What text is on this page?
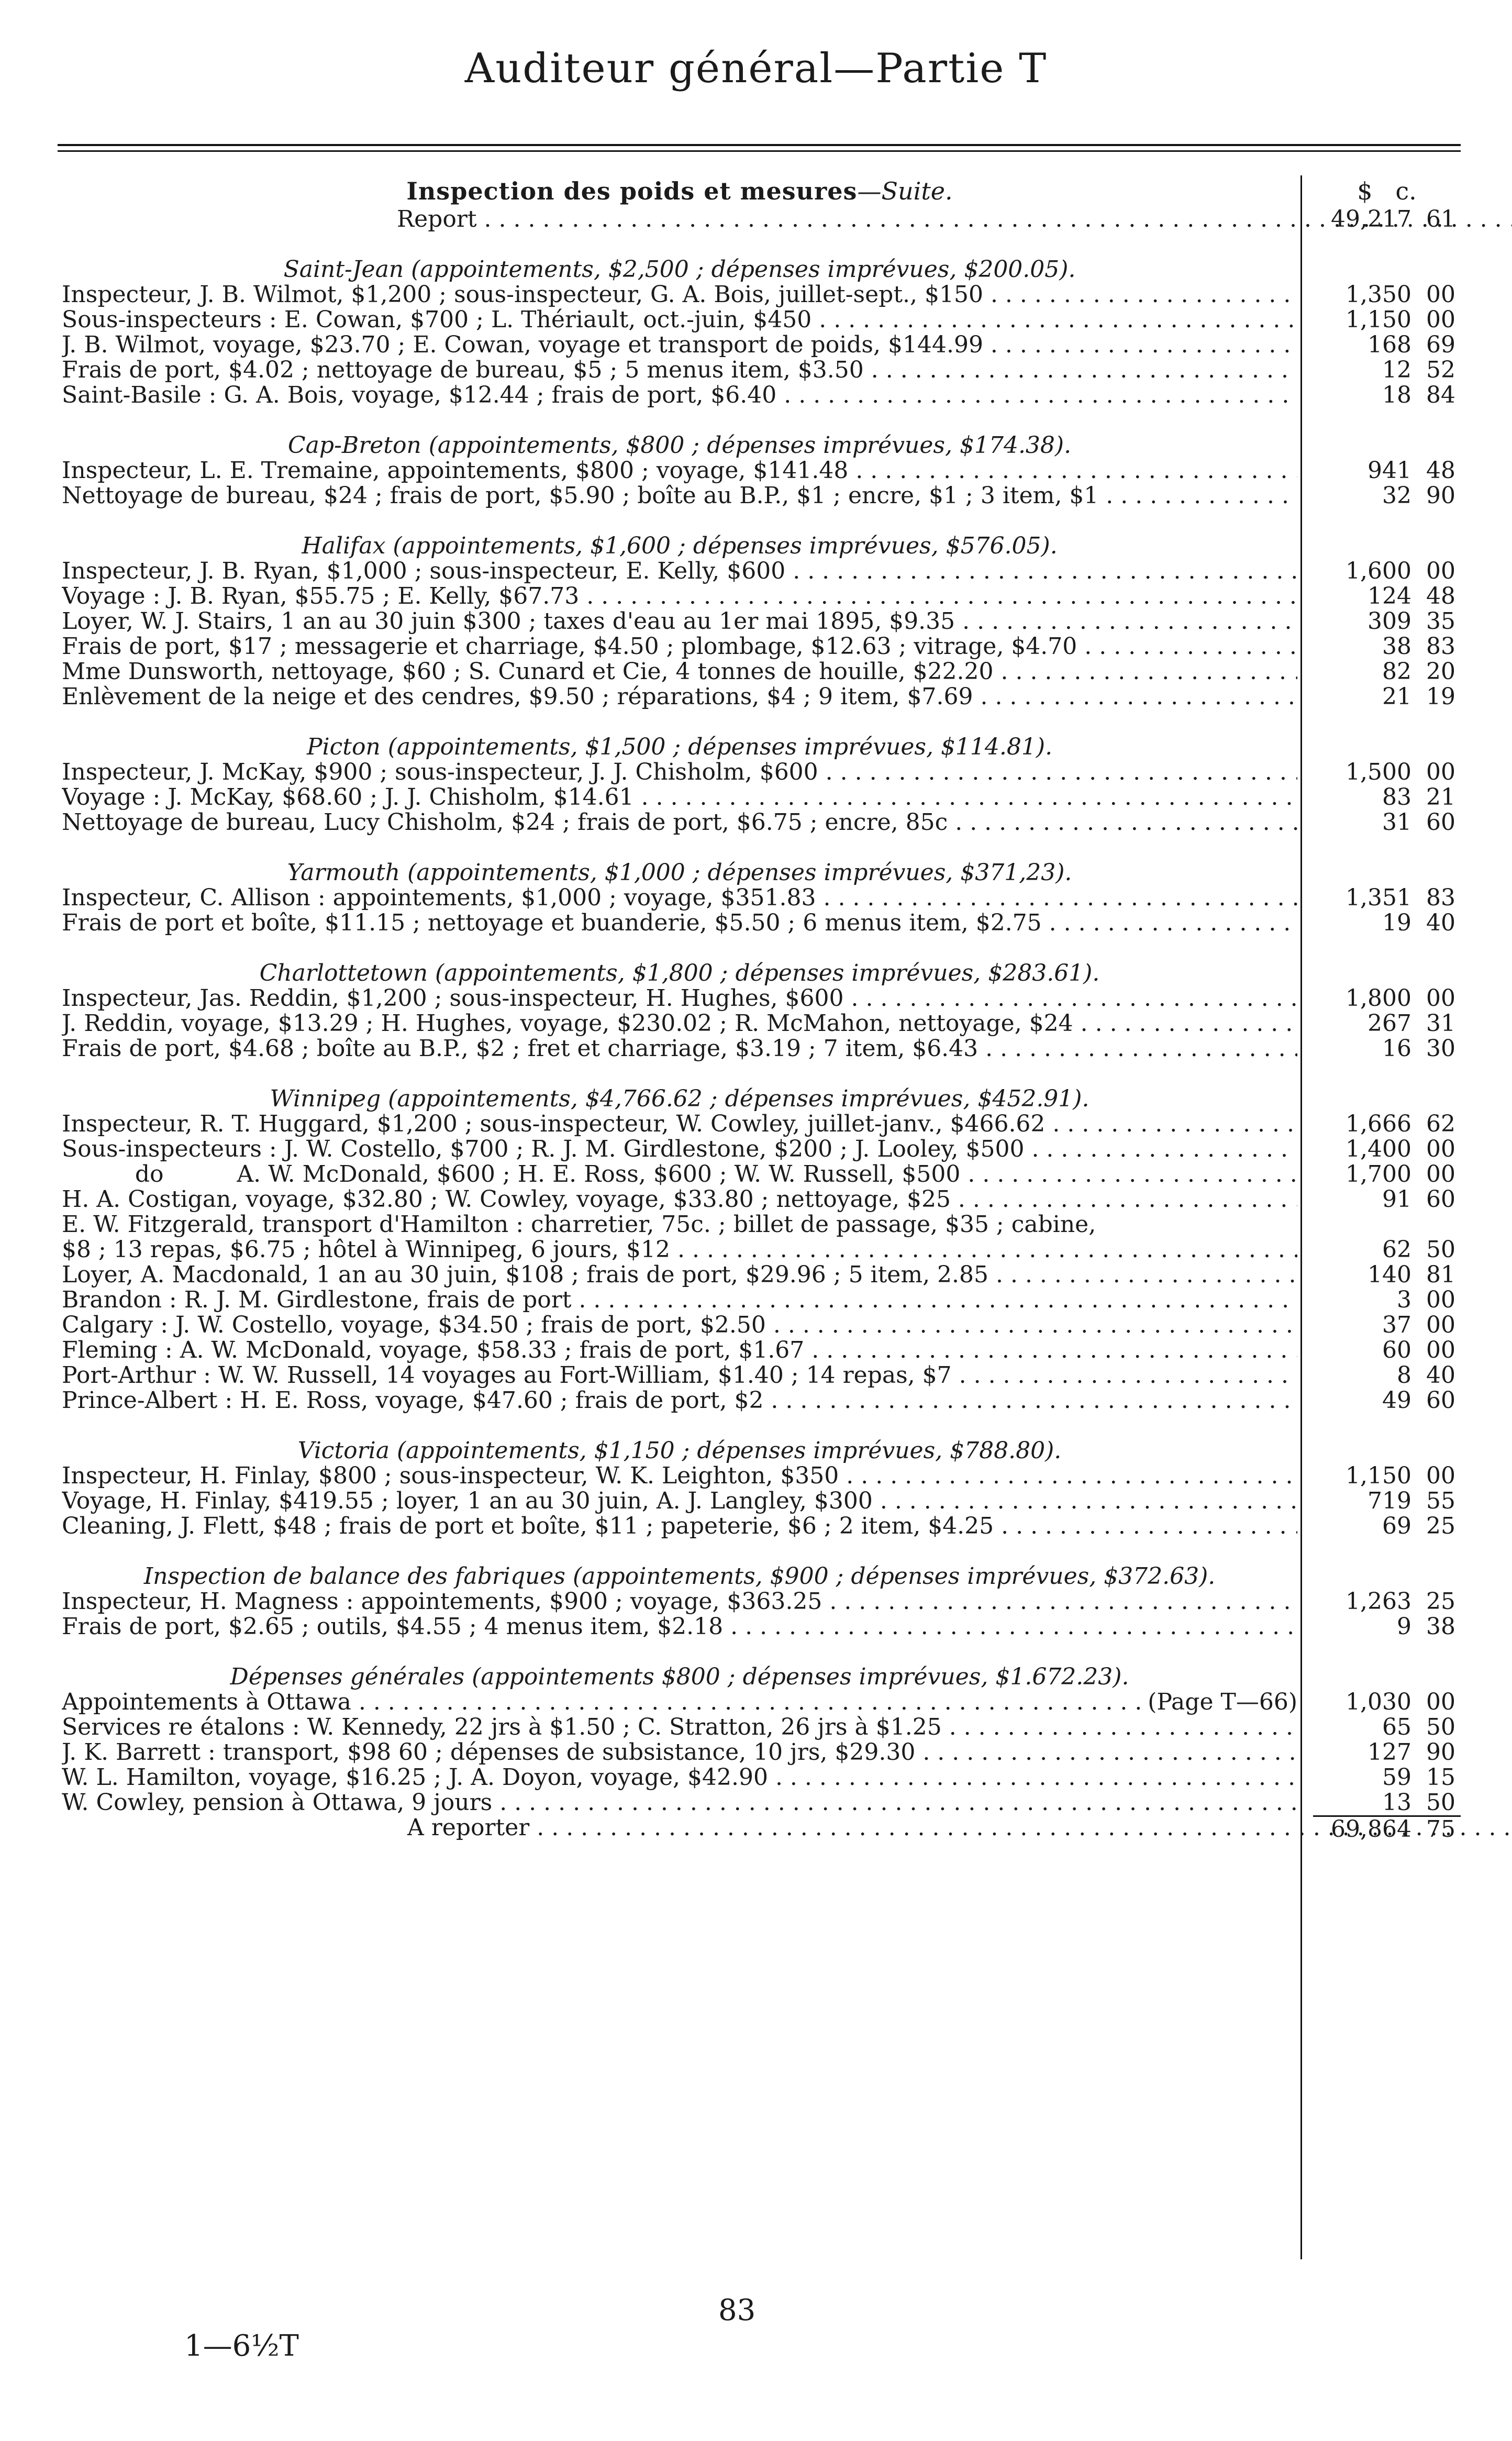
Auditeur général—Partie T
Inspection des poids et mesures—Suite.	$ c.
Report . . .	49,217 61
Saint-Jean (appointements, $2,500 ; dépenses imprévues, $200.05).
Inspecteur, J. B. Wilmot, $1,200 ; sous-inspecteur, G. A. Bois, juillet-sept., $150 . . .	1,350 00
Sous-inspecteurs : E. Cowan, $700 ; L. Thériault, oct.-juin, $450 . . .	1,150 00
J. B. Wilmot, voyage, $23.70 ; E. Cowan, voyage et transport de poids, $144.99 . . .	168 69
Frais de port, $4.02 ; nettoyage de bureau, $5 ; 5 menus item, $3.50 . . .	12 52
Saint-Basile : G. A. Bois, voyage, $12.44 ; frais de port, $6.40 . . .	18 84
Cap-Breton (appointements, $800 ; dépenses imprévues, $174.38).
Inspecteur, L. E. Tremaine, appointements, $800 ; voyage, $141.48 . . .	941 48
Nettoyage de bureau, $24 ; frais de port, $5.90 ; boîte au B.P., $1 ; encre, $1 ; 3 item, $1 . . .	32 90
Halifax (appointements, $1,600 ; dépenses imprévues, $576.05).
Inspecteur, J. B. Ryan, $1,000 ; sous-inspecteur, E. Kelly, $600 . . .	1,600 00
Voyage : J. B. Ryan, $55.75 ; E. Kelly, $67.73 . . .	124 48
Loyer, W. J. Stairs, 1 an au 30 juin $300 ; taxes d'eau au 1er mai 1895, $9.35 . . .	309 35
Frais de port, $17 ; messagerie et charriage, $4.50 ; plombage, $12.63 ; vitrage, $4.70 . . .	38 83
Mme Dunsworth, nettoyage, $60 ; S. Cunard et Cie, 4 tonnes de houille, $22.20 . . .	82 20
Enlèvement de la neige et des cendres, $9.50 ; réparations, $4 ; 9 item, $7.69 . . .	21 19
Picton (appointements, $1,500 ; dépenses imprévues, $114.81).
Inspecteur, J. McKay, $900 ; sous-inspecteur, J. J. Chisholm, $600 . . .	1,500 00
Voyage : J. McKay, $68.60 ; J. J. Chisholm, $14.61 . . .	83 21
Nettoyage de bureau, Lucy Chisholm, $24 ; frais de port, $6.75 ; encre, 85c . . .	31 60
Yarmouth (appointements, $1,000 ; dépenses imprévues, $371,23).
Inspecteur, C. Allison : appointements, $1,000 ; voyage, $351.83 . . .	1,351 83
Frais de port et boîte, $11.15 ; nettoyage et buanderie, $5.50 ; 6 menus item, $2.75 . . .	19 40
Charlottetown (appointements, $1,800 ; dépenses imprévues, $283.61).
Inspecteur, Jas. Reddin, $1,200 ; sous-inspecteur, H. Hughes, $600 . . .	1,800 00
J. Reddin, voyage, $13.29 ; H. Hughes, voyage, $230.02 ; R. McMahon, nettoyage, $24 . . .	267 31
Frais de port, $4.68 ; boîte au B.P., $2 ; fret et charriage, $3.19 ; 7 item, $6.43 . . .	16 30
Winnipeg (appointements, $4,766.62 ; dépenses imprévues, $452.91).
Inspecteur, R. T. Huggard, $1,200 ; sous-inspecteur, W. Cowley, juillet-janv., $466.62 . . .	1,666 62
Sous-inspecteurs : J. W. Costello, $700 ; R. J. M. Girdlestone, $200 ; J. Looley, $500 . . .	1,400 00
do          A. W. McDonald, $600 ; H. E. Ross, $600 ; W. W. Russell, $500 . . .	1,700 00
H. A. Costigan, voyage, $32.80 ; W. Cowley, voyage, $33.80 ; nettoyage, $25 . . .	91 60
E. W. Fitzgerald, transport d'Hamilton : charretier, 75c. ; billet de passage, $35 ; cabine,
$8 ; 13 repas, $6.75 ; hôtel à Winnipeg, 6 jours, $12 . . .	62 50
Loyer, A. Macdonald, 1 an au 30 juin, $108 ; frais de port, $29.96 ; 5 item, 2.85 . . .	140 81
Brandon : R. J. M. Girdlestone, frais de port . . .	3 00
Calgary : J. W. Costello, voyage, $34.50 ; frais de port, $2.50 . . .	37 00
Fleming : A. W. McDonald, voyage, $58.33 ; frais de port, $1.67 . . .	60 00
Port-Arthur : W. W. Russell, 14 voyages au Fort-William, $1.40 ; 14 repas, $7 . . .	8 40
Prince-Albert : H. E. Ross, voyage, $47.60 ; frais de port, $2 . . .	49 60
Victoria (appointements, $1,150 ; dépenses imprévues, $788.80).
Inspecteur, H. Finlay, $800 ; sous-inspecteur, W. K. Leighton, $350 . . .	1,150 00
Voyage, H. Finlay, $419.55 ; loyer, 1 an au 30 juin, A. J. Langley, $300 . . .	719 55
Cleaning, J. Flett, $48 ; frais de port et boîte, $11 ; papeterie, $6 ; 2 item, $4.25 . . .	69 25
Inspection de balance des fabriques (appointements, $900 ; dépenses imprévues, $372.63).
Inspecteur, H. Magness : appointements, $900 ; voyage, $363.25 . . .	1,263 25
Frais de port, $2.65 ; outils, $4.55 ; 4 menus item, $2.18 . . .	9 38
Dépenses générales (appointements $800 ; dépenses imprévues, $1.672.23).
Appointements à Ottawa . . . . . . . . . . . . . . . . . . . . . . . . . . . . . . . . . . . . . . . . . . . . . . . . . . . . . . (Page T—66)	1,030 00
Services re étalons : W. Kennedy, 22 jrs à $1.50 ; C. Stratton, 26 jrs à $1.25 . . .	65 50
J. K. Barrett : transport, $98 60 ; dépenses de subsistance, 10 jrs, $29.30 . . .	127 90
W. L. Hamilton, voyage, $16.25 ; J. A. Doyon, voyage, $42.90 . . .	59 15
W. Cowley, pension à Ottawa, 9 jours . . .	13 50
A reporter . . .	69,864 75
83
1—6½T
